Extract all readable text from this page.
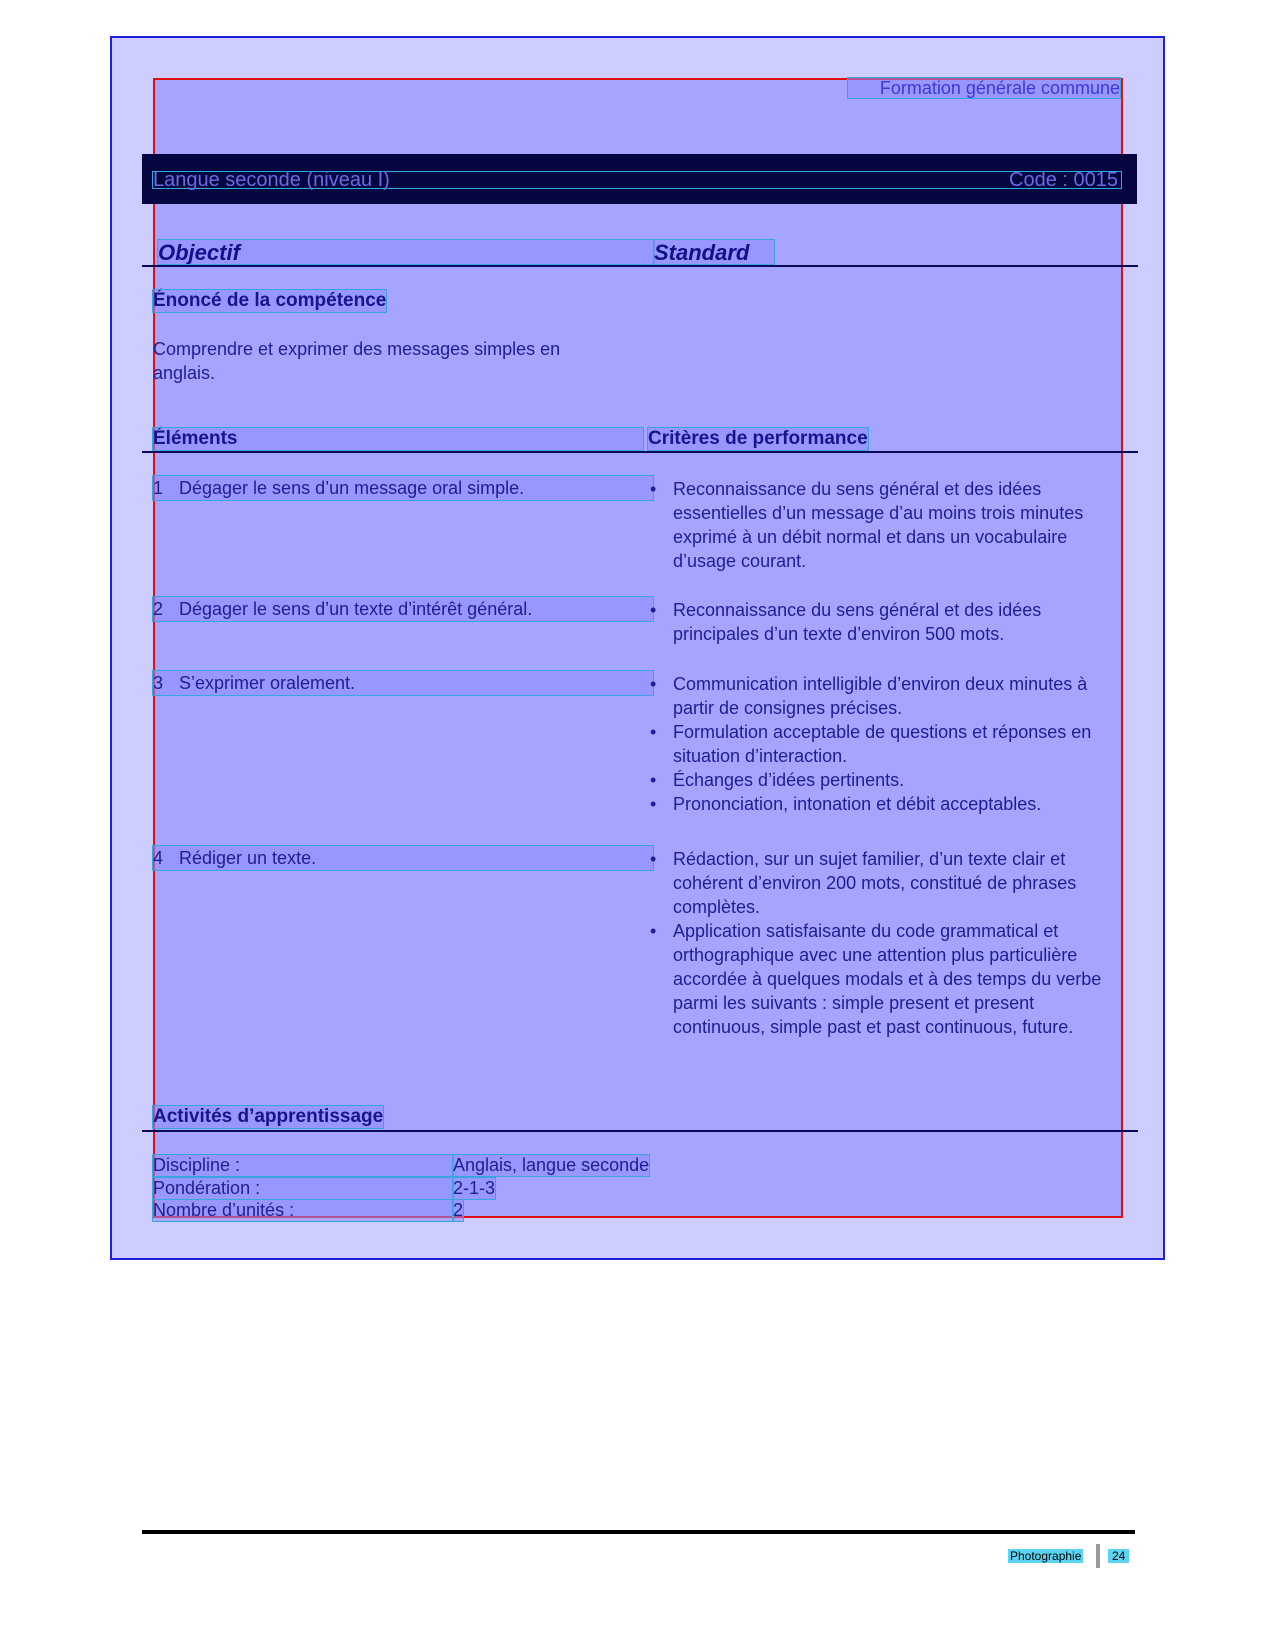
Formation générale commune
Langue seconde (niveau I)	Code : 0015
Objectif	Standard
Énoncé de la compétence
Comprendre et exprimer des messages simples en anglais.
Éléments	Critères de performance
1 Dégager le sens d’un message oral simple.	• Reconnaissance du sens général et des idées essentielles d’un message d’au moins trois minutes exprimé à un débit normal et dans un vocabulaire d’usage courant.
2 Dégager le sens d’un texte d’intérêt général.	• Reconnaissance du sens général et des idées principales d’un texte d’environ 500 mots.
3 S’exprimer oralement.	• Communication intelligible d’environ deux minutes à partir de consignes précises.
• Formulation acceptable de questions et réponses en situation d’interaction.
• Échanges d’idées pertinents.
• Prononciation, intonation et débit acceptables.
4 Rédiger un texte.	• Rédaction, sur un sujet familier, d’un texte clair et cohérent d’environ 200 mots, constitué de phrases complètes.
• Application satisfaisante du code grammatical et orthographique avec une attention plus particulière accordée à quelques modals et à des temps du verbe parmi les suivants : simple present et present continuous, simple past et past continuous, future.
Activités d’apprentissage
Discipline :	Anglais, langue seconde
Pondération :	2-1-3
Nombre d’unités :	2
Photographie	24
